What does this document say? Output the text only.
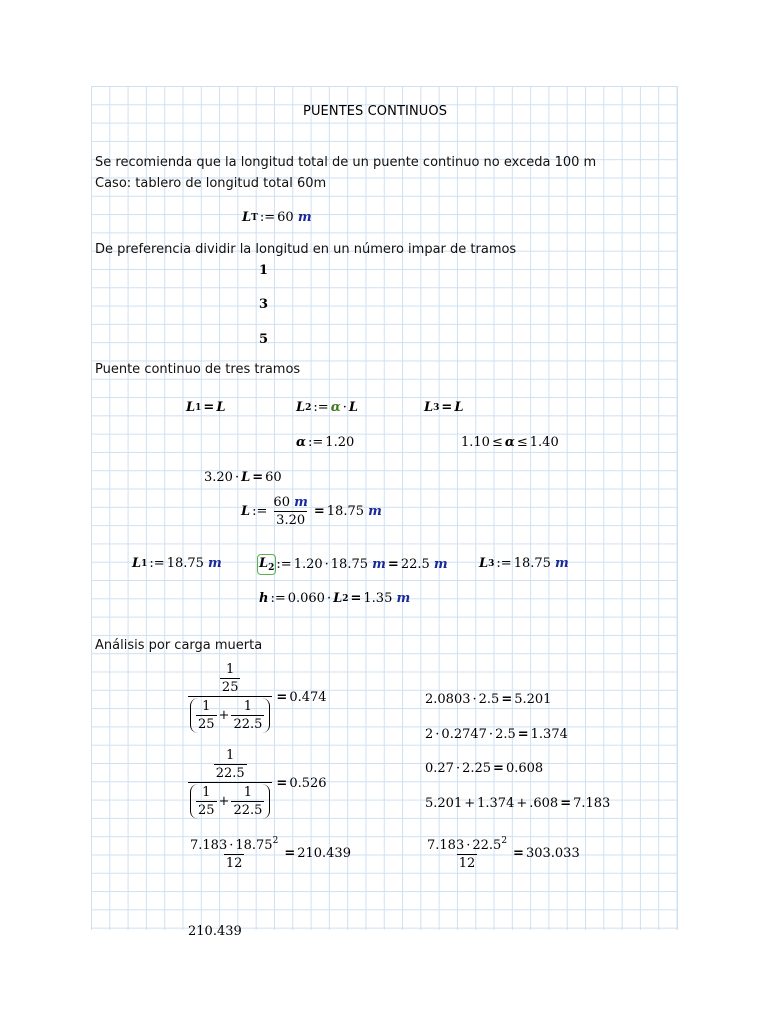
PUENTES CONTINUOS
Se recomienda que la longitud total de un puente continuo no exceda 100 m
Caso: tablero de longitud total 60m
L T := 60
m
De preferencia dividir la longitud en un número impar de tramos
1
3
5
Puente continuo de tres tramos
L 1 = L	L 2 := α · L	L 3 = L
α := 1.20	1.10 ≤ α ≤ 1.40
3.20 · L = 60
L := $\frac{60 m}{3.20} = 18.75$
m
L 1 := 18.75
m	$L_2$ := 1.20 · 18.75
m = 22.5
m L 3 := 18.75
m
h := 0.060 · L 2 = 1.35
m
Análisis por carga muerta
$\frac{\frac{1}{25}}{\frac{1}{25} + \frac{1}{22.5}} = 0.474$
$\frac{\frac{1}{22.5}}{\frac{1}{25} + \frac{1}{22.5}} = 0.526$
2.0803 · 2.5 = 5.201
2 · 0.2747 · 2.5 = 1.374
0.27 · 2.25 = 0.608
5.201 + 1.374 + .608 = 7.183
$\frac{7.183 \cdot 18.75^2}{12} = 210.439$	$\frac{7.183 \cdot 22.5^2}{12} = 303.033$
210.439
